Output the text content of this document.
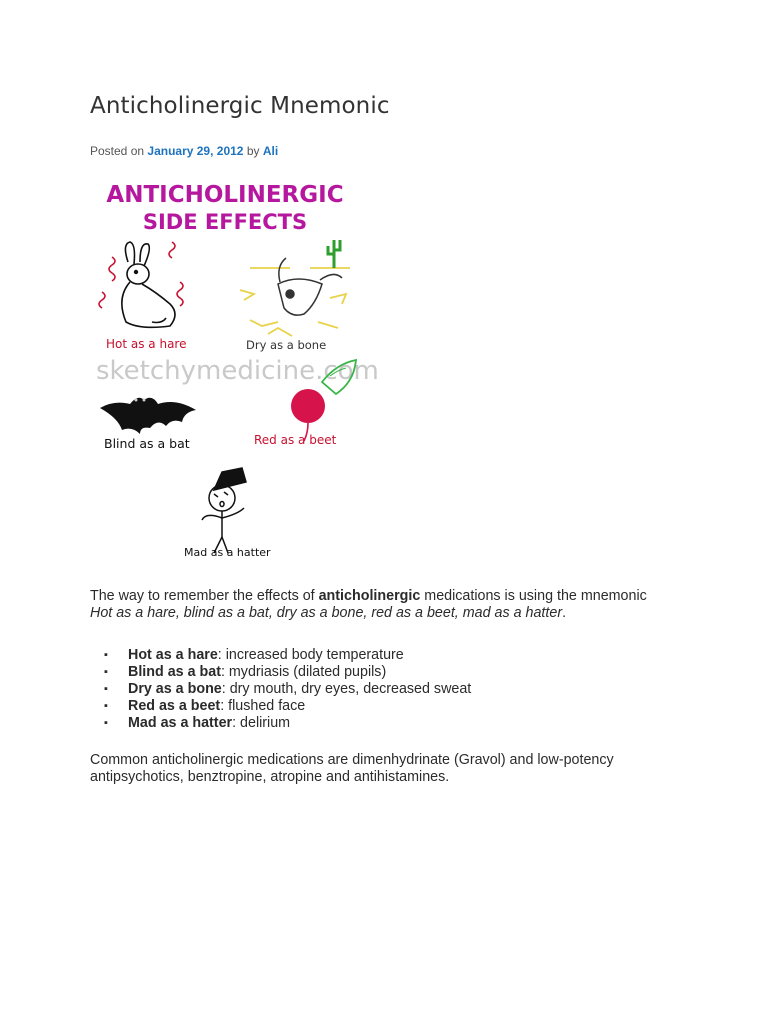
Anticholinergic Mnemonic
Posted on January 29, 2012 by Ali
ANTICHOLINERGIC
SIDE EFFECTS
Hot as a hare	Dry as a bone
sketchymedicine.com
Blind as a bat	Red as a beet
Mad as a hatter

The way to remember the effects of anticholinergic medications is using the mnemonic
Hot as a hare, blind as a bat, dry as a bone, red as a beet, mad as a hatter.

▪ Hot as a hare: increased body temperature
▪ Blind as a bat: mydriasis (dilated pupils)
▪ Dry as a bone: dry mouth, dry eyes, decreased sweat
▪ Red as a beet: flushed face
▪ Mad as a hatter: delirium

Common anticholinergic medications are dimenhydrinate (Gravol) and low-potency antipsychotics, benztropine, atropine and antihistamines.
